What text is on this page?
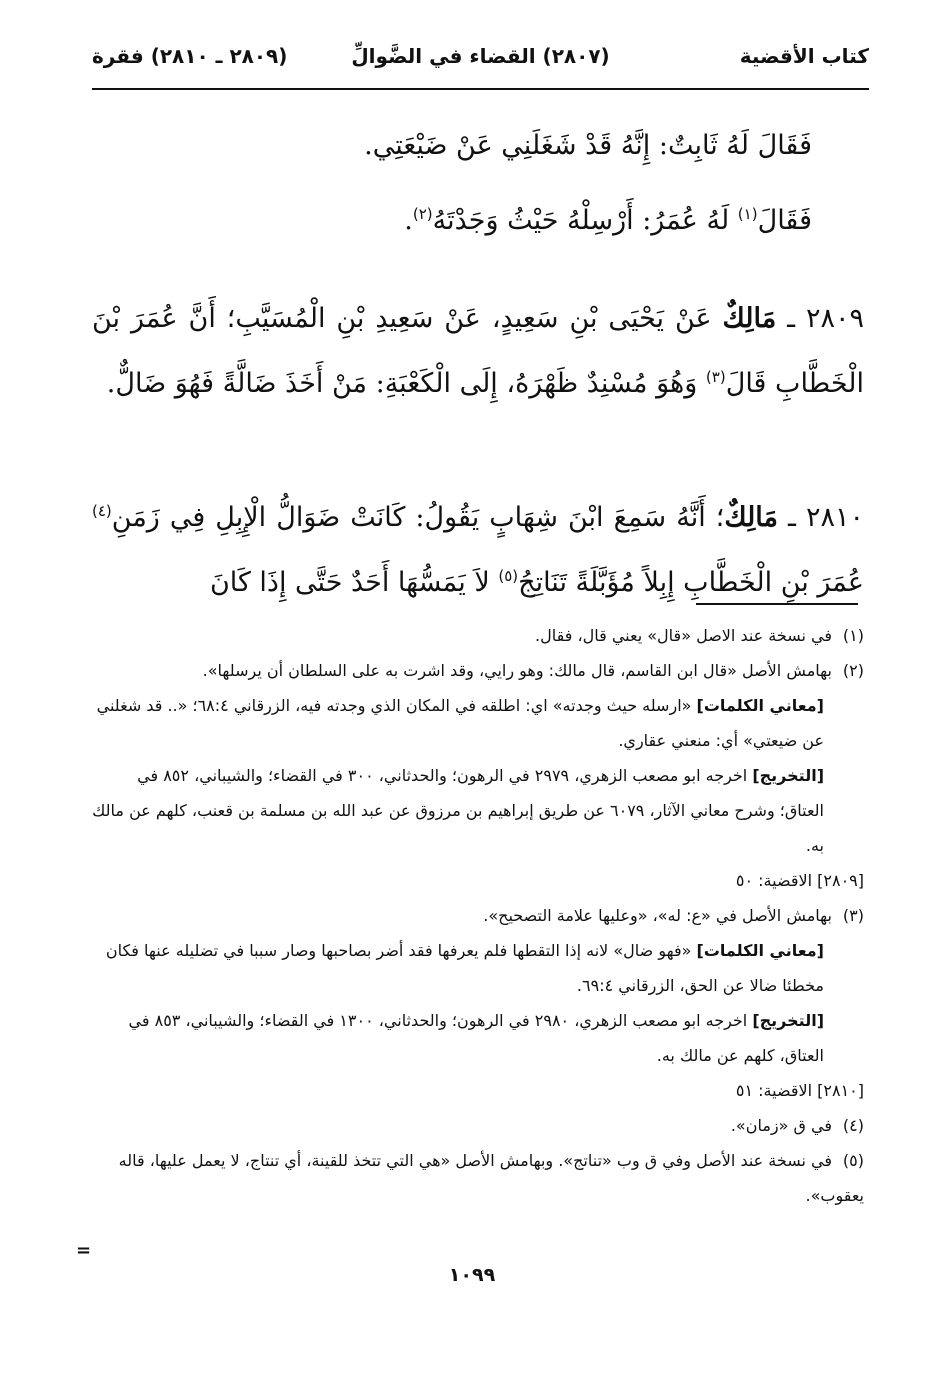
كتاب الأقضية
(٢٨٠٧) القضاء في الضَّوالِّ
(٢٨٠٩ ـ ٢٨١٠) فقرة
فَقَالَ لَهُ ثَابِتٌ: إِنَّهُ قَدْ شَغَلَنِي عَنْ ضَيْعَتِي.
فَقَالَ$^{(١)}$ لَهُ عُمَرُ: أَرْسِلْهُ حَيْثُ وَجَدْتَهُ$^{(٢)}$.
٢٨٠٩ ـ مَالِكٌ عَنْ يَحْيَى بْنِ سَعِيدٍ، عَنْ سَعِيدِ بْنِ الْمُسَيَّبِ؛ أَنَّ عُمَرَ بْنَ الْخَطَّابِ قَالَ$^{(٣)}$ وَهُوَ مُسْنِدٌ ظَهْرَهُ، إِلَى الْكَعْبَةِ: مَنْ أَخَذَ ضَالَّةً فَهُوَ ضَالٌّ.
٢٨١٠ ـ مَالِكٌ؛ أَنَّهُ سَمِعَ ابْنَ شِهَابٍ يَقُولُ: كَانَتْ ضَوَالُّ الْإِبِلِ فِي زَمَنِ$^{(٤)}$ عُمَرَ بْنِ الْخَطَّابِ إِبِلاً مُؤَبَّلَةً تَنَاتِجُ$^{(٥)}$ لاَ يَمَسُّهَا أَحَدٌ حَتَّى إِذَا كَانَ

(١)في نسخة عند الاصل «قال» يعني قال، فقال.

(٢)بهامش الأصل «قال ابن القاسم، قال مالك: وهو رايي، وقد اشرت به على السلطان أن يرسلها».

[معاني الكلمات] «ارسله حيث وجدته» اي: اطلقه في المكان الذي وجدته فيه، الزرقاني ٦٨:٤؛ «.. قد شغلني عن ضيعتي» أي: منعني عقاري.

[التخريج] اخرجه ابو مصعب الزهري، ٢٩٧٩ في الرهون؛ والحدثاني، ٣٠٠ في القضاء؛ والشيباني، ٨٥٢ في العتاق؛ وشرح معاني الآثار، ٦٠٧٩ عن طريق إبراهيم بن مرزوق عن عبد الله بن مسلمة بن قعنب، كلهم عن مالك به.

[٢٨٠٩] الاقضية: ٥٠

(٣)بهامش الأصل في «ع: له»، «وعليها علامة التصحيح».

[معاني الكلمات] «فهو ضال» لانه إذا التقطها فلم يعرفها فقد أضر بصاحبها وصار سببا في تضليله عنها فكان مخطئا ضالا عن الحق، الزرقاني ٦٩:٤.

[التخريج] اخرجه ابو مصعب الزهري، ٢٩٨٠ في الرهون؛ والحدثاني، ١٣٠٠ في القضاء؛ والشيباني، ٨٥٣ في العتاق، كلهم عن مالك به.

[٢٨١٠] الاقضية: ٥١

(٤)في ق «زمان».

(٥)في نسخة عند الأصل وفي ق وب «تناتج». وبهامش الأصل «هي التي تتخذ للقينة، أي تنتاج، لا يعمل عليها، قاله يعقوب».

=
١٠٩٩
